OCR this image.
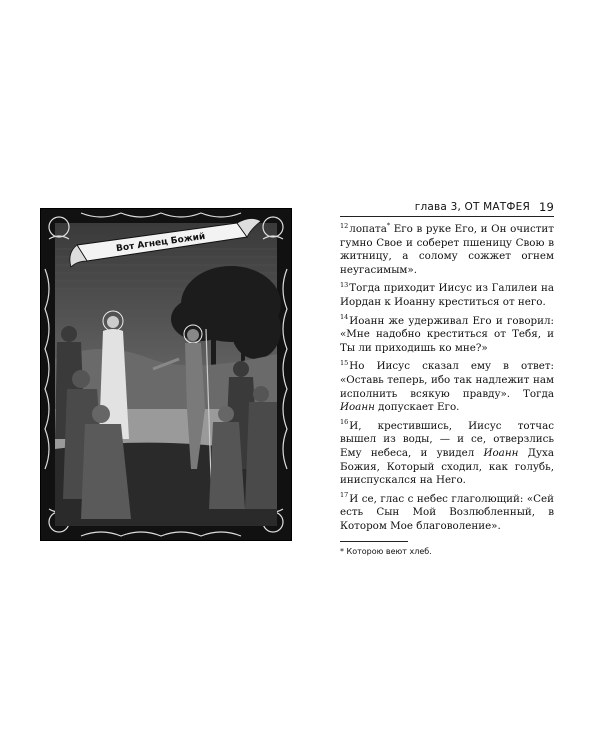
Вот Агнец Божий
глава 3, ОТ МАТФЕЯ 19

$^{12}$лопата* Его в руке Его, и Он очистит гумно Свое и соберет пшеницу Свою в житницу, а солому сожжет огнем неугасимым».

$^{13}$Тогда приходит Иисус из Галилеи на Иордан к Иоанну креститься от него.

$^{14}$Иоанн же удерживал Его и говорил: «Мне надобно креститься от Тебя, и Ты ли приходишь ко мне?»

$^{15}$Но Иисус сказал ему в ответ: «Оставь теперь, ибо так надлежит нам исполнить всякую правду». Тогда Иоанн допускает Его.

$^{16}$И, крестившись, Иисус тотчас вышел из воды, — и се, отверзлись Ему небеса, и увидел Иоанн Духа Божия, Который сходил, как голубь, иниспускался на Него.

$^{17}$И се, глас с небес глаголющий: «Сей есть Сын Мой Возлюбленный, в Котором Мое благоволение».

* Которою веют хлеб.
